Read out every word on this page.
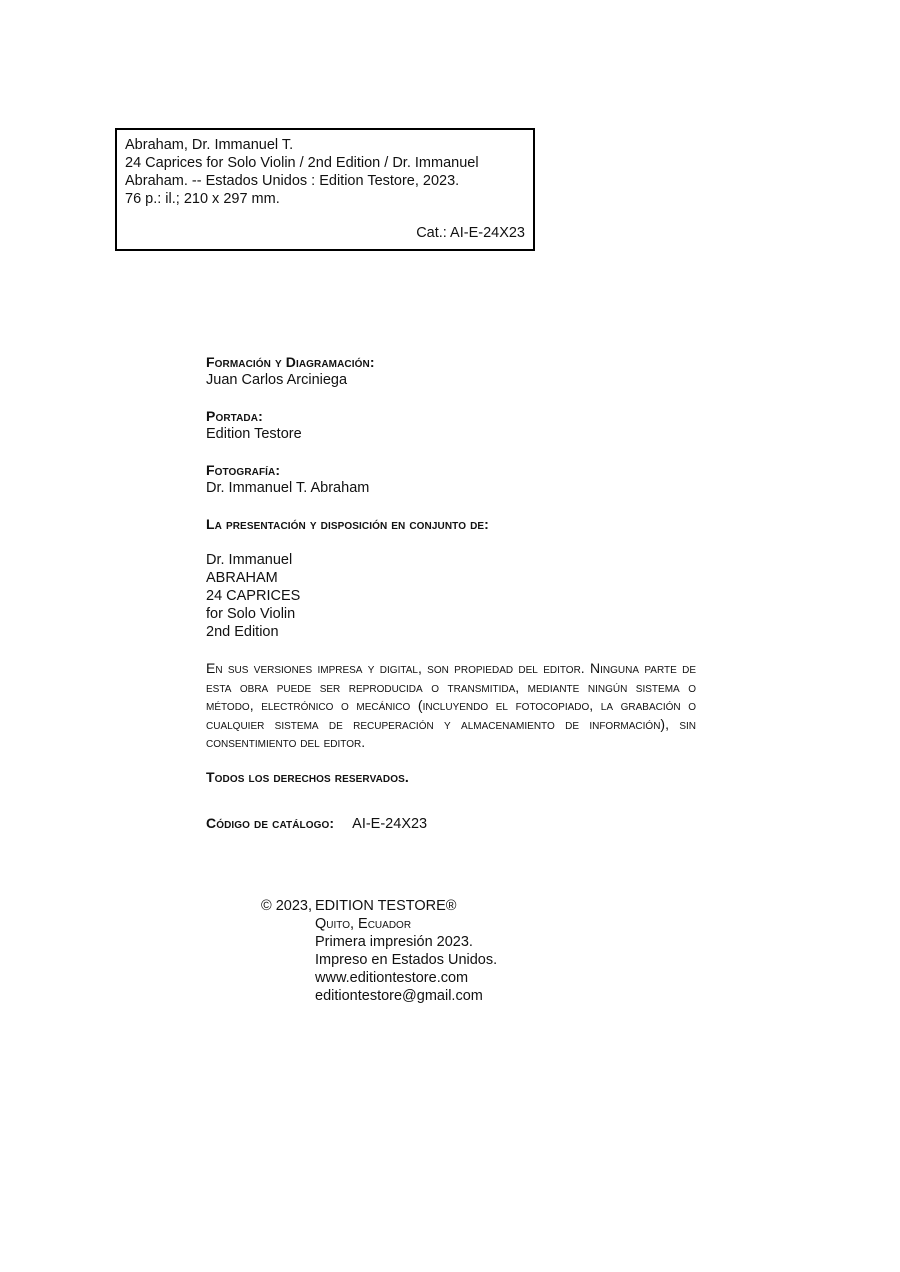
Abraham, Dr. Immanuel T.
24 Caprices for Solo Violin / 2nd Edition / Dr. Immanuel
Abraham. -- Estados Unidos : Edition Testore, 2023.
76 p.: il.; 210 x 297 mm.
Cat.: AI-E-24X23
Formación y Diagramación:
Juan Carlos Arciniega
Portada:
Edition Testore
Fotografía:
Dr. Immanuel T. Abraham
La presentación y disposición en conjunto de:
Dr. Immanuel
ABRAHAM
24 CAPRICES
for Solo Violin
2nd Edition

En sus versiones impresa y digital, son propiedad del editor. Ninguna parte de esta obra puede ser reproducida o transmitida, mediante ningún sistema o método, electrónico o mecánico (incluyendo el fotocopiado, la grabación o cualquier sistema de recuperación y almacenamiento de información), sin consentimiento del editor.

Todos los derechos reservados.
Código de catálogo: AI-E-24X23
© 2023, EDITION TESTORE®
Quito, Ecuador
Primera impresión 2023.
Impreso en Estados Unidos.
www.editiontestore.com
editiontestore@gmail.com
